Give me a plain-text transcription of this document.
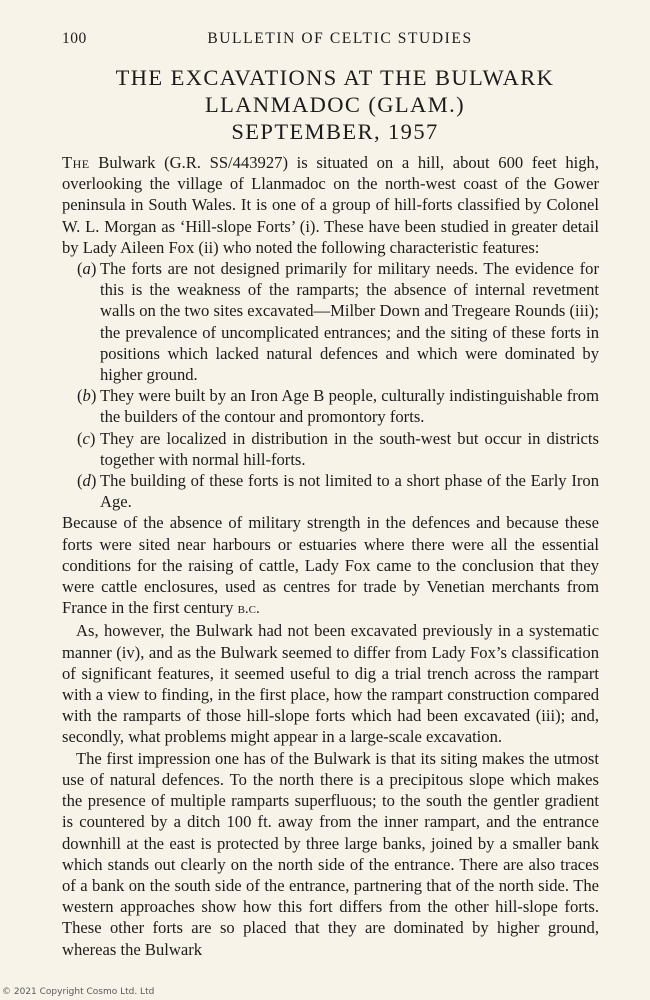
100	BULLETIN OF CELTIC STUDIES
THE EXCAVATIONS AT THE BULWARK
LLANMADOC (GLAM.)
SEPTEMBER, 1957

The Bulwark (G.R. SS/443927) is situated on a hill, about 600 feet high, overlooking the village of Llanmadoc on the north-west coast of the Gower peninsula in South Wales. It is one of a group of hill-forts classified by Colonel W. L. Morgan as ‘Hill-slope Forts’ (i). These have been studied in greater detail by Lady Aileen Fox (ii) who noted the following characteristic features:

(a) The forts are not designed primarily for military needs. The evidence for this is the weakness of the ramparts; the absence of internal revetment walls on the two sites excavated—Milber Down and Tregeare Rounds (iii); the prevalence of uncomplicated entrances; and the siting of these forts in positions which lacked natural defences and which were dominated by higher ground.
(b) They were built by an Iron Age B people, culturally indistinguishable from the builders of the contour and promontory forts.
(c) They are localized in distribution in the south-west but occur in districts together with normal hill-forts.
(d) The building of these forts is not limited to a short phase of the Early Iron Age.

Because of the absence of military strength in the defences and because these forts were sited near harbours or estuaries where there were all the essential conditions for the raising of cattle, Lady Fox came to the conclusion that they were cattle enclosures, used as centres for trade by Venetian merchants from France in the first century b.c.

As, however, the Bulwark had not been excavated previously in a systematic manner (iv), and as the Bulwark seemed to differ from Lady Fox’s classification of significant features, it seemed useful to dig a trial trench across the rampart with a view to finding, in the first place, how the rampart construction compared with the ramparts of those hill-slope forts which had been excavated (iii); and, secondly, what problems might appear in a large-scale excavation.

The first impression one has of the Bulwark is that its siting makes the utmost use of natural defences. To the north there is a precipitous slope which makes the presence of multiple ramparts superfluous; to the south the gentler gradient is countered by a ditch 100 ft. away from the inner rampart, and the entrance downhill at the east is protected by three large banks, joined by a smaller bank which stands out clearly on the north side of the entrance. There are also traces of a bank on the south side of the entrance, partnering that of the north side. The western approaches show how this fort differs from the other hill-slope forts. These other forts are so placed that they are dominated by higher ground, whereas the Bulwark

© 2021 Copyright Cosmo Ltd. Ltd
